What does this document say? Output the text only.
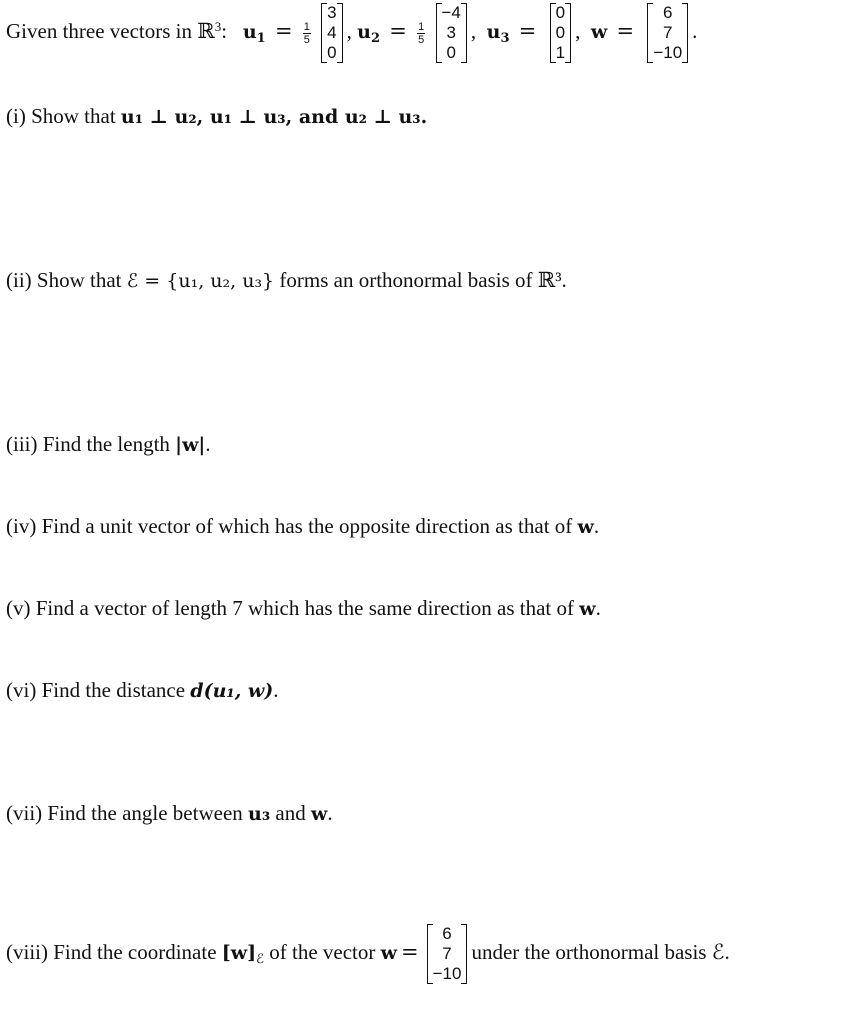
Given three vectors in ℝ$^3$: $u_1 = \frac{1}{5}$

3
4
0
, $u_2 = \frac{1}{5}$

−4
3
0
,  $u_3$ =
0
0
1
,  w =
6
7
−10
.
(i) Show that u₁ ⊥ u₂, u₁ ⊥ u₃, and u₂ ⊥ u₃.
(ii) Show that ℰ = {u₁, u₂, u₃} forms an orthonormal basis of ℝ³.
(iii) Find the length |w|.
(iv) Find a unit vector of which has the opposite direction as that of w.
(v) Find a vector of length 7 which has the same direction as that of w.
(vi) Find the distance d(u₁, w).
(vii) Find the angle between u₃ and w.
(viii) Find the coordinate $[w]_ℰ$ of the vector w =
6
7
−10
under the orthonormal basis ℰ.
